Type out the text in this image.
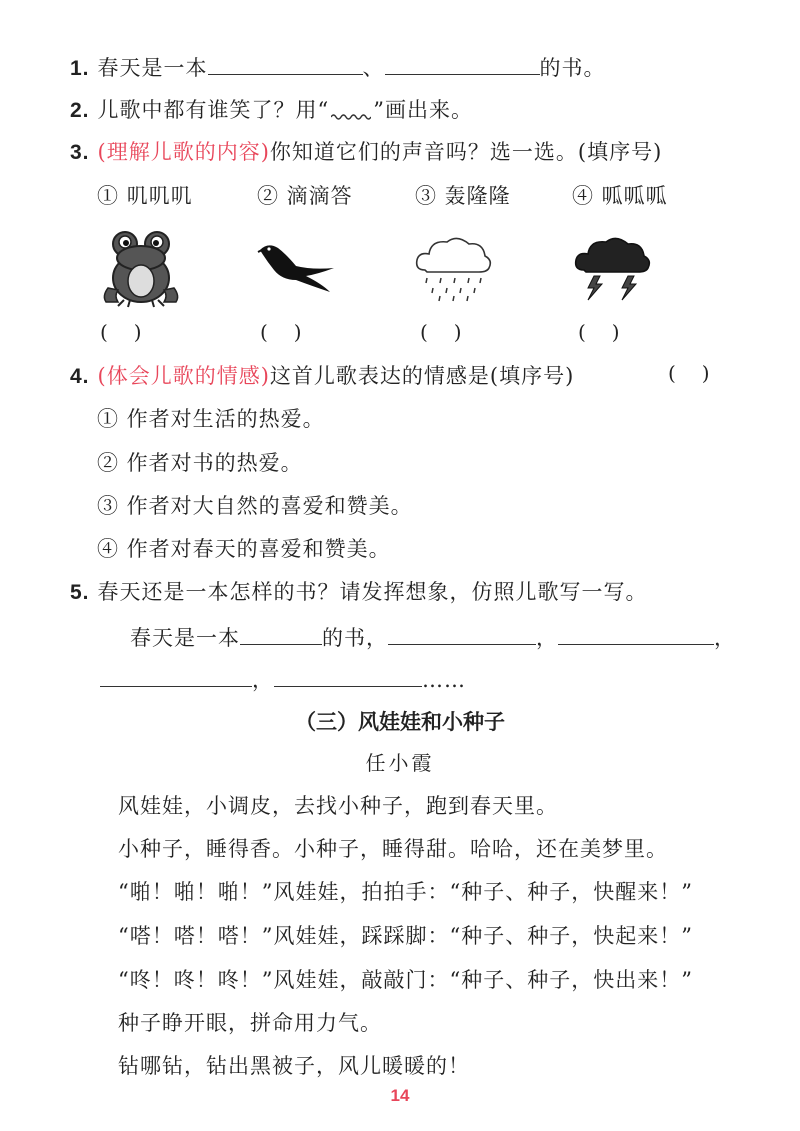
1. 春天是一本	、	的书。
2. 儿歌中都有谁笑了？用“ ”画出来。
3. (理解儿歌的内容)你知道它们的声音吗？选一选。(填序号)
① 叽叽叽	② 滴滴答	③ 轰隆隆	④ 呱呱呱
()	()	()	()
4. (体会儿歌的情感)这首儿歌表达的情感是(填序号)	()
① 作者对生活的热爱。
② 作者对书的热爱。
③ 作者对大自然的喜爱和赞美。
④ 作者对春天的喜爱和赞美。
5. 春天还是一本怎样的书？请发挥想象，仿照儿歌写一写。
春天是一本	的书，	，	，
，	……
（三）风娃娃和小种子
任小霞
风娃娃，小调皮，去找小种子，跑到春天里。
小种子，睡得香。小种子，睡得甜。哈哈，还在美梦里。
“啪！啪！啪！”风娃娃，拍拍手：“种子、种子，快醒来！”
“嗒！嗒！嗒！”风娃娃，踩踩脚：“种子、种子，快起来！”
“咚！咚！咚！”风娃娃，敲敲门：“种子、种子，快出来！”
种子睁开眼，拼命用力气。
钻哪钻，钻出黑被子，风儿暖暖的！
14
